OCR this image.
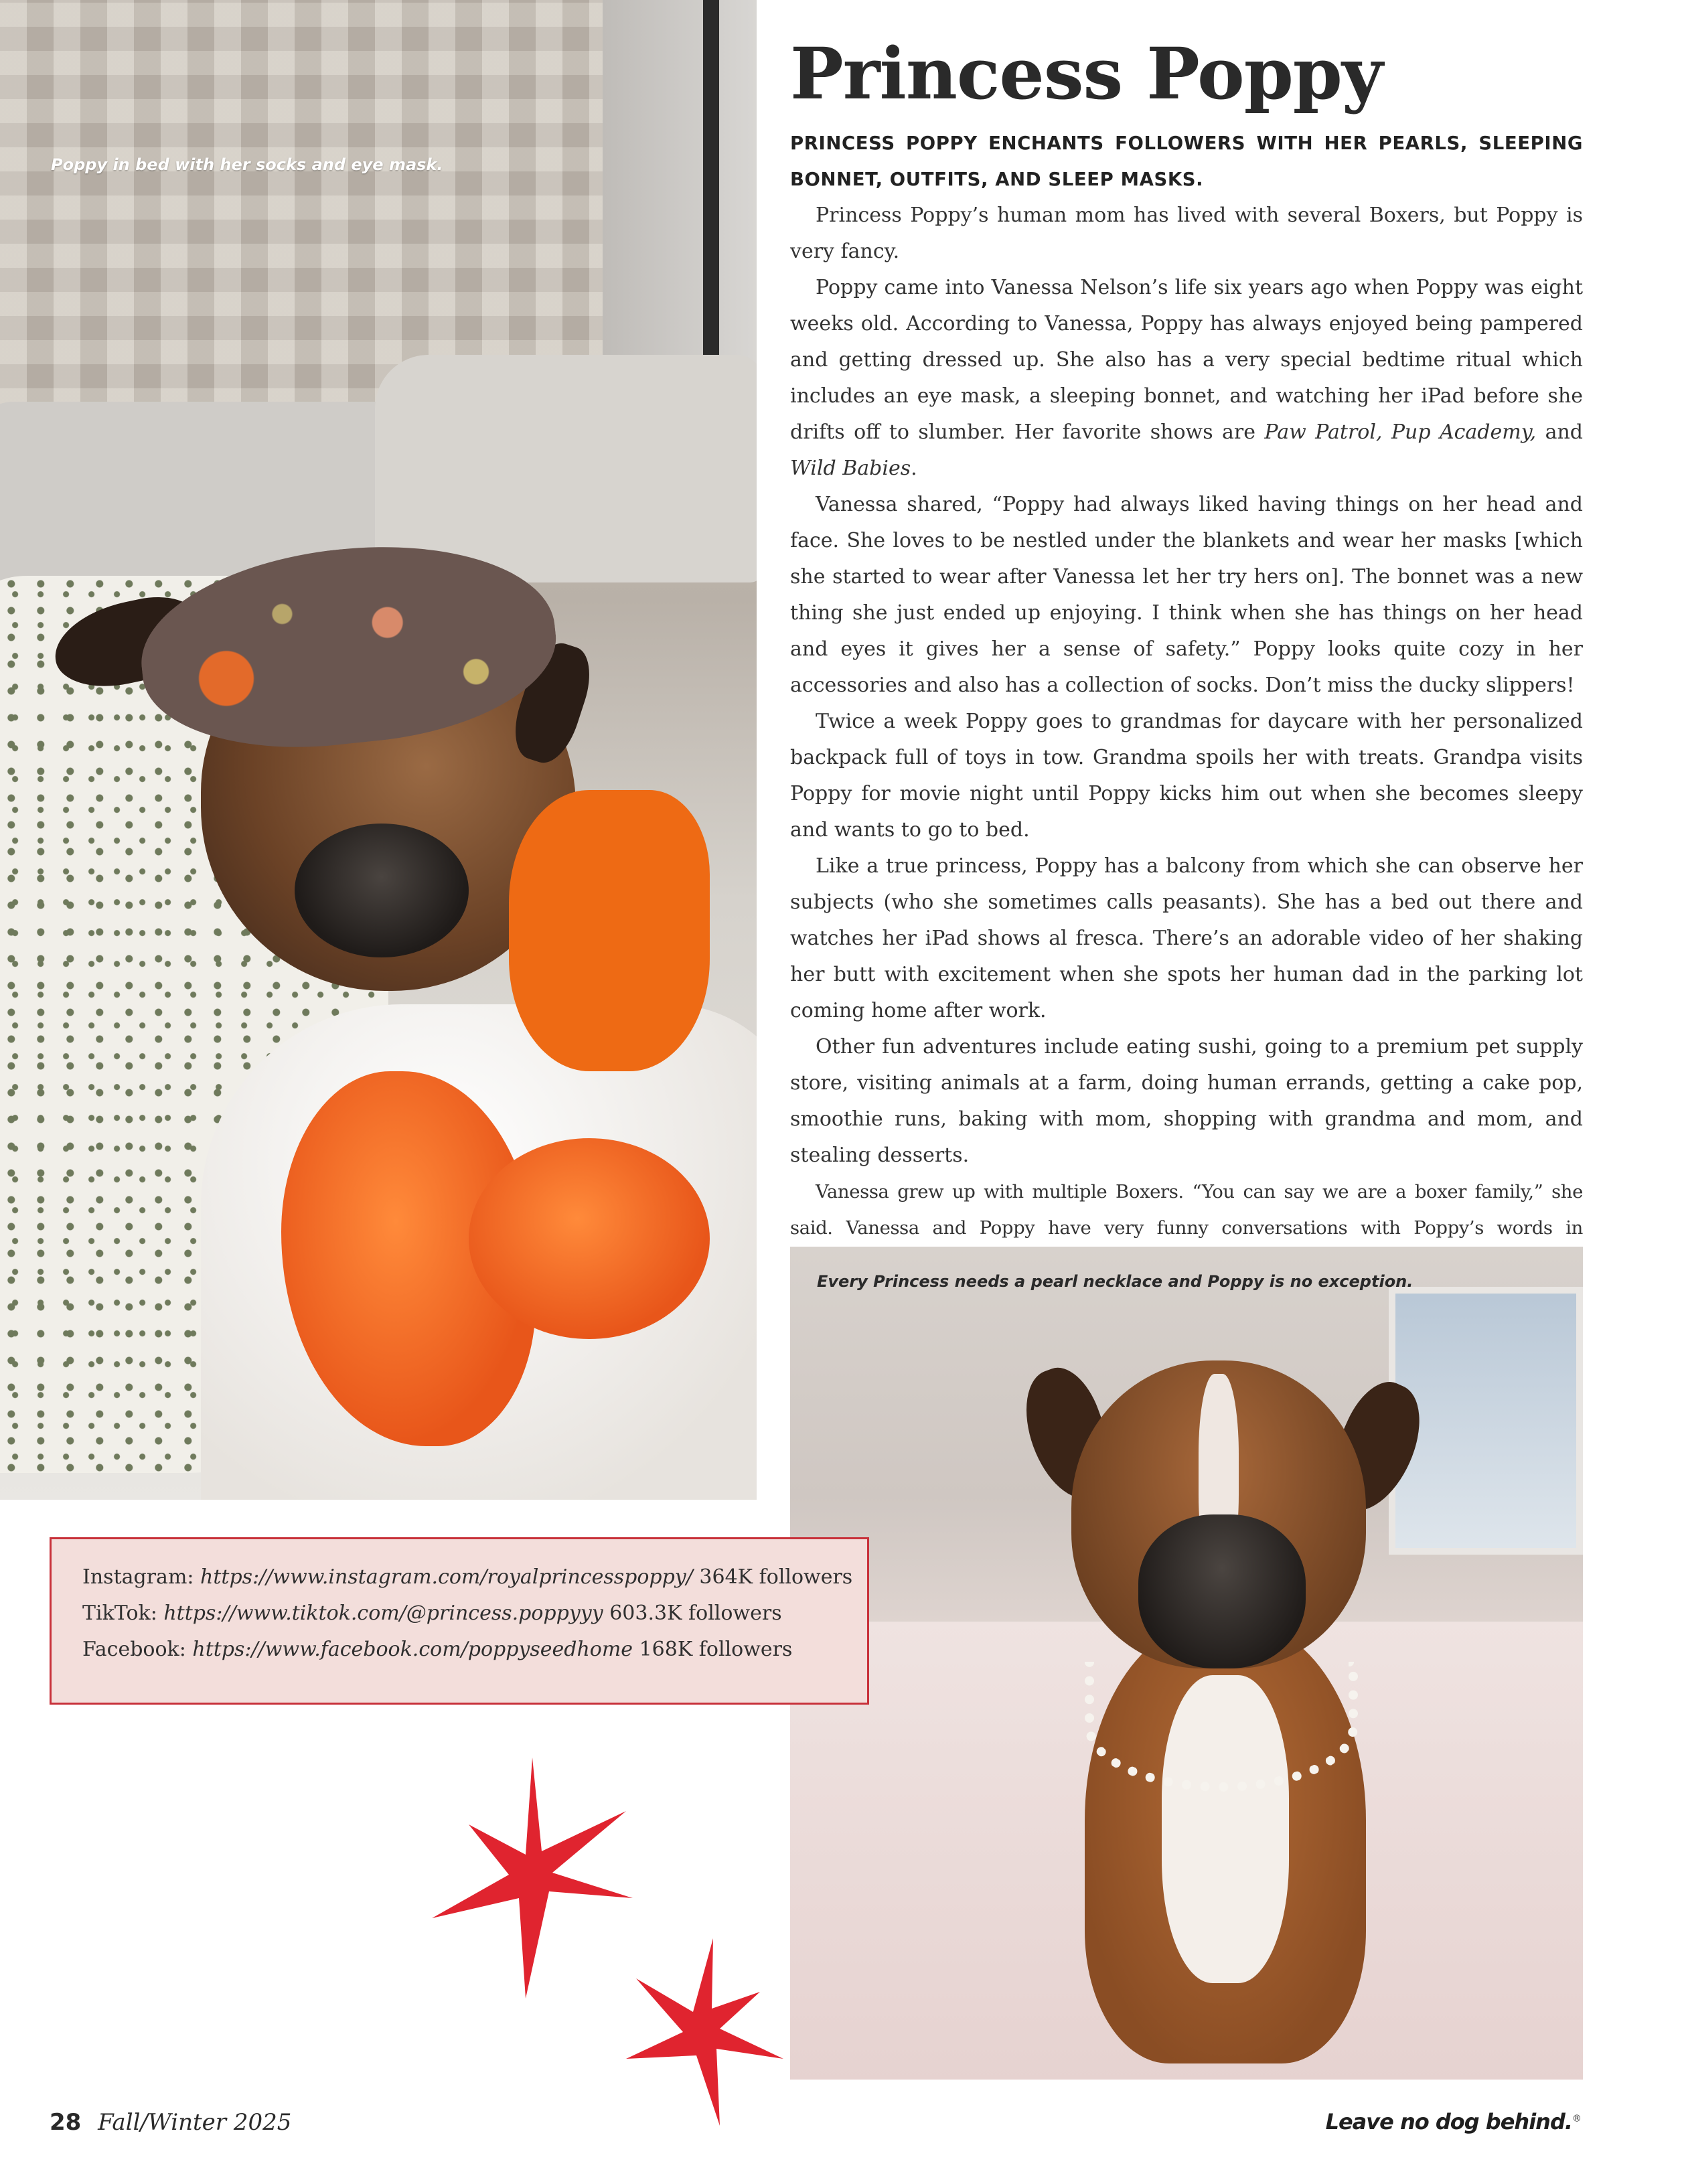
Poppy in bed with her socks and eye mask.
Princess Poppy

PRINCESS POPPY ENCHANTS FOLLOWERS WITH HER PEARLS, SLEEPING BONNET, OUTFITS, AND SLEEP MASKS.

Princess Poppy’s human mom has lived with several Boxers, but Poppy is very fancy.

Poppy came into Vanessa Nelson’s life six years ago when Poppy was eight weeks old. According to Vanessa, Poppy has always enjoyed being pampered and getting dressed up. She also has a very special bedtime ritual which includes an eye mask, a sleeping bonnet, and watching her iPad before she drifts off to slumber. Her favorite shows are Paw Patrol, Pup Academy, and Wild Babies.

Vanessa shared, “Poppy had always liked having things on her head and face. She loves to be nestled under the blankets and wear her masks [which she started to wear after Vanessa let her try hers on]. The bonnet was a new thing she just ended up enjoying. I think when she has things on her head and eyes it gives her a sense of safety.” Poppy looks quite cozy in her accessories and also has a collection of socks. Don’t miss the ducky slippers!

Twice a week Poppy goes to grandmas for daycare with her personalized backpack full of toys in tow. Grandma spoils her with treats. Grandpa visits Poppy for movie night until Poppy kicks him out when she becomes sleepy and wants to go to bed.

Like a true princess, Poppy has a balcony from which she can observe her subjects (who she sometimes calls peasants). She has a bed out there and watches her iPad shows al fresca. There’s an adorable video of her shaking her butt with excitement when she spots her human dad in the parking lot coming home after work.

Other fun adventures include eating sushi, going to a premium pet supply store, visiting animals at a farm, doing human errands, getting a cake pop, smoothie runs, baking with mom, shopping with grandma and mom, and stealing desserts.

Vanessa grew up with multiple Boxers. “You can say we are a boxer family,” she said. Vanessa and Poppy have very funny conversations with Poppy’s words in

Every Princess needs a pearl necklace and Poppy is no exception.
Instagram: https://www.instagram.com/royalprincesspoppy/ 364K followers
TikTok: https://www.tiktok.com/@princess.poppyyy 603.3K followers
Facebook: https://www.facebook.com/poppyseedhome 168K followers
28 Fall/Winter 2025	Leave no dog behind.®
